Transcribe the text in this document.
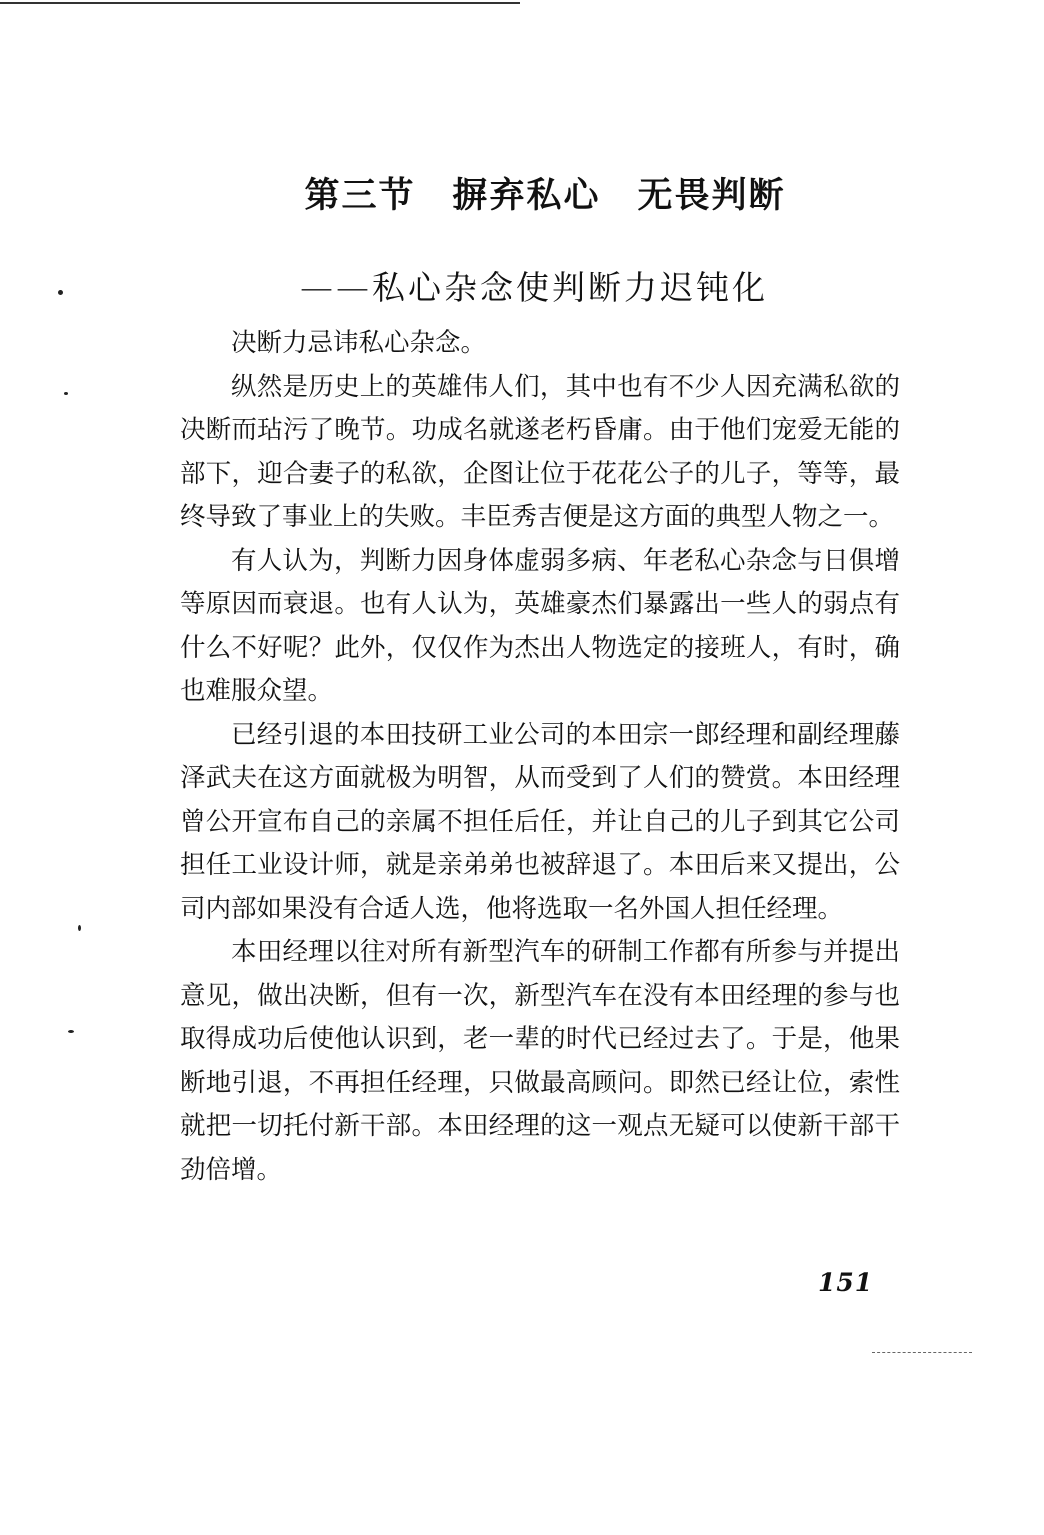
第三节　摒弃私心　无畏判断
——私心杂念使判断力迟钝化

决断力忌讳私心杂念。

纵然是历史上的英雄伟人们，其中也有不少人因充满私欲的决断而玷污了晚节。功成名就遂老朽昏庸。由于他们宠爱无能的部下，迎合妻子的私欲，企图让位于花花公子的儿子，等等，最终导致了事业上的失败。丰臣秀吉便是这方面的典型人物之一。

有人认为，判断力因身体虚弱多病、年老私心杂念与日俱增等原因而衰退。也有人认为，英雄豪杰们暴露出一些人的弱点有什么不好呢？此外，仅仅作为杰出人物选定的接班人，有时，确也难服众望。

已经引退的本田技研工业公司的本田宗一郎经理和副经理藤泽武夫在这方面就极为明智，从而受到了人们的赞赏。本田经理曾公开宣布自己的亲属不担任后任，并让自己的儿子到其它公司担任工业设计师，就是亲弟弟也被辞退了。本田后来又提出，公司内部如果没有合适人选，他将选取一名外国人担任经理。

本田经理以往对所有新型汽车的研制工作都有所参与并提出意见，做出决断，但有一次，新型汽车在没有本田经理的参与也取得成功后使他认识到，老一辈的时代已经过去了。于是，他果断地引退，不再担任经理，只做最高顾问。即然已经让位，索性就把一切托付新干部。本田经理的这一观点无疑可以使新干部干劲倍增。

151
